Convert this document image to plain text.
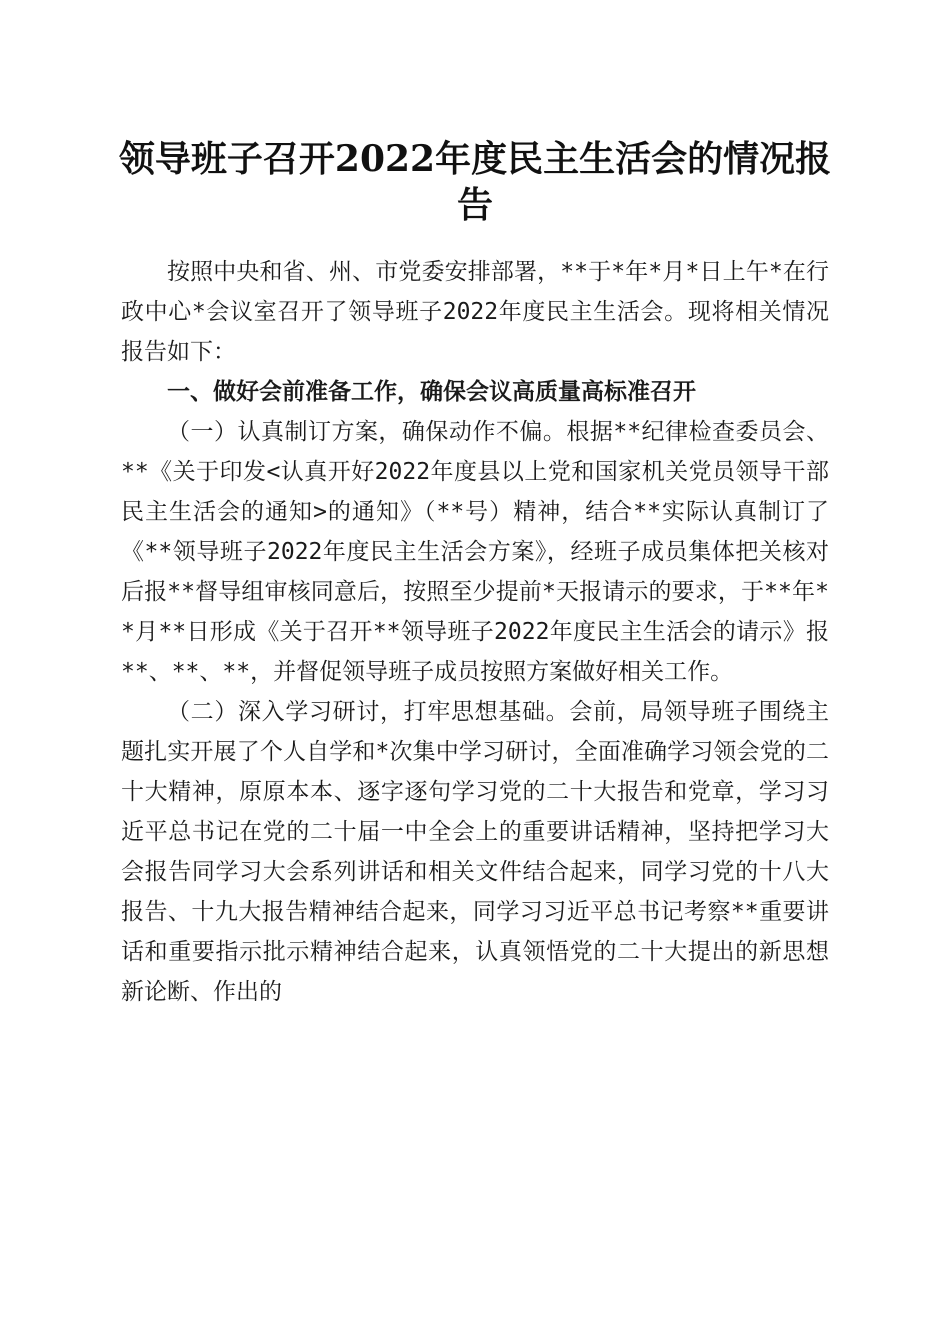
领导班子召开2022年度民主生活会的情况报告

按照中央和省、州、市党委安排部署，**于*年*月*日上午*在行政中心*会议室召开了领导班子2022年度民主生活会。现将相关情况报告如下：

一、做好会前准备工作，确保会议高质量高标准召开

（一）认真制订方案，确保动作不偏。根据**纪律检查委员会、**《关于印发<认真开好2022年度县以上党和国家机关党员领导干部民主生活会的通知>的通知》（**号）精神，结合**实际认真制订了《**领导班子2022年度民主生活会方案》，经班子成员集体把关核对后报**督导组审核同意后，按照至少提前*天报请示的要求，于**年**月**日形成《关于召开**领导班子2022年度民主生活会的请示》报**、**、**，并督促领导班子成员按照方案做好相关工作。

（二）深入学习研讨，打牢思想基础。会前，局领导班子围绕主题扎实开展了个人自学和*次集中学习研讨，全面准确学习领会党的二十大精神，原原本本、逐字逐句学习党的二十大报告和党章，学习习近平总书记在党的二十届一中全会上的重要讲话精神，坚持把学习大会报告同学习大会系列讲话和相关文件结合起来，同学习党的十八大报告、十九大报告精神结合起来，同学习习近平总书记考察**重要讲话和重要指示批示精神结合起来，认真领悟党的二十大提出的新思想新论断、作出的
